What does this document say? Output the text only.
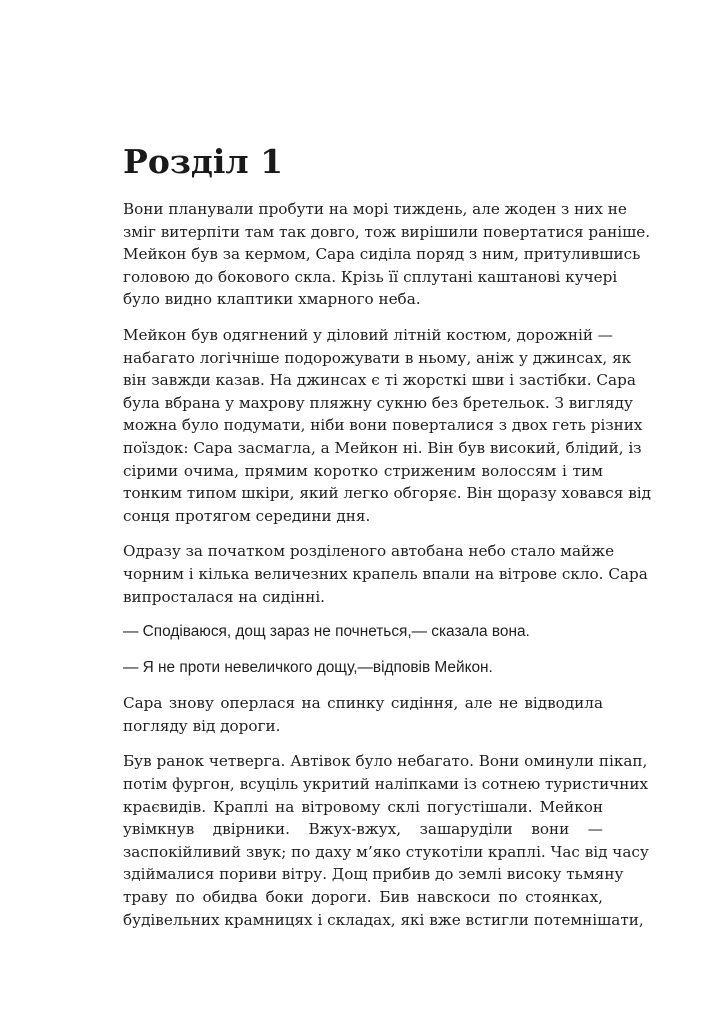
Розділ 1

Вони планували пробути на морі тиждень, але жоден з них не
зміг витерпіти там так довго, тож вирішили повертатися раніше.
Мейкон був за кермом, Сара сиділа поряд з ним, притулившись
головою до бокового скла. Крізь її сплутані каштанові кучері
було видно клаптики хмарного неба.

Мейкон був одягнений у діловий літній костюм, дорожній —
набагато логічніше подорожувати в ньому, аніж у джинсах, як
він завжди казав. На джинсах є ті жорсткі шви і застібки. Сара
була вбрана у махрову пляжну сукню без бретельок. З вигляду
можна було подумати, ніби вони поверталися з двох геть різних
поїздок: Сара засмагла, а Мейкон ні. Він був високий, блідий, із
сірими очима, прямим коротко стриженим волоссям і тим
тонким типом шкіри, який легко обгоряє. Він щоразу ховався від
сонця протягом середини дня.

Одразу за початком розділеного автобана небо стало майже
чорним і кілька величезних крапель впали на вітрове скло. Сара
випросталася на сидінні.

— Сподіваюся, дощ зараз не почнеться,— сказала вона.

— Я не проти невеличкого дощу,—відповів Мейкон.

Сара знову оперлася на спинку сидіння, але не відводила
погляду від дороги.

Був ранок четверга. Автівок було небагато. Вони оминули пікап,
потім фургон, всуціль укритий наліпками із сотнею туристичних
краєвидів. Краплі на вітровому склі погустішали. Мейкон
увімкнув двірники. Вжух-вжух, зашаруділи вони —
заспокійливий звук; по даху м’яко стукотіли краплі. Час від часу
здіймалися пориви вітру. Дощ прибив до землі високу тьмяну
траву по обидва боки дороги. Бив навскоси по стоянках,
будівельних крамницях і складах, які вже встигли потемнішати,
